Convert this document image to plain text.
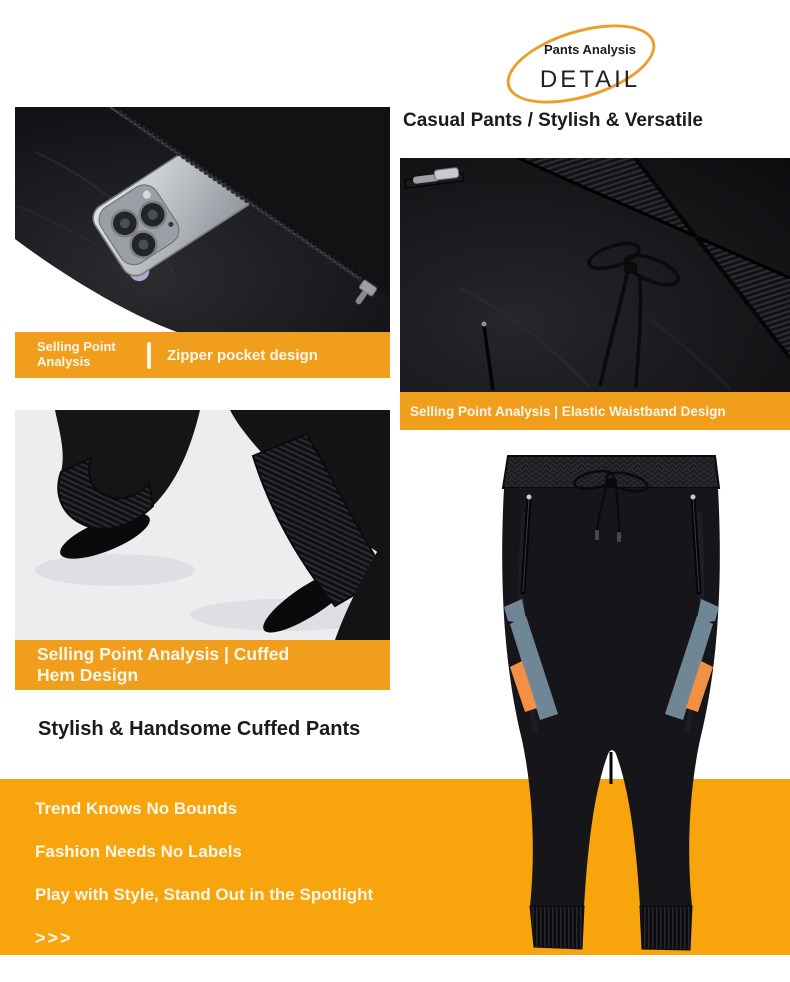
Pants Analysis
DETAIL
Casual Pants / Stylish & Versatile
Selling Point Analysis	Zipper pocket design
Selling Point Analysis | Elastic Waistband Design
Selling Point Analysis | Cuffed Hem Design
Stylish & Handsome Cuffed Pants

Trend Knows No Bounds

Fashion Needs No Labels

Play with Style, Stand Out in the Spotlight

>>>
